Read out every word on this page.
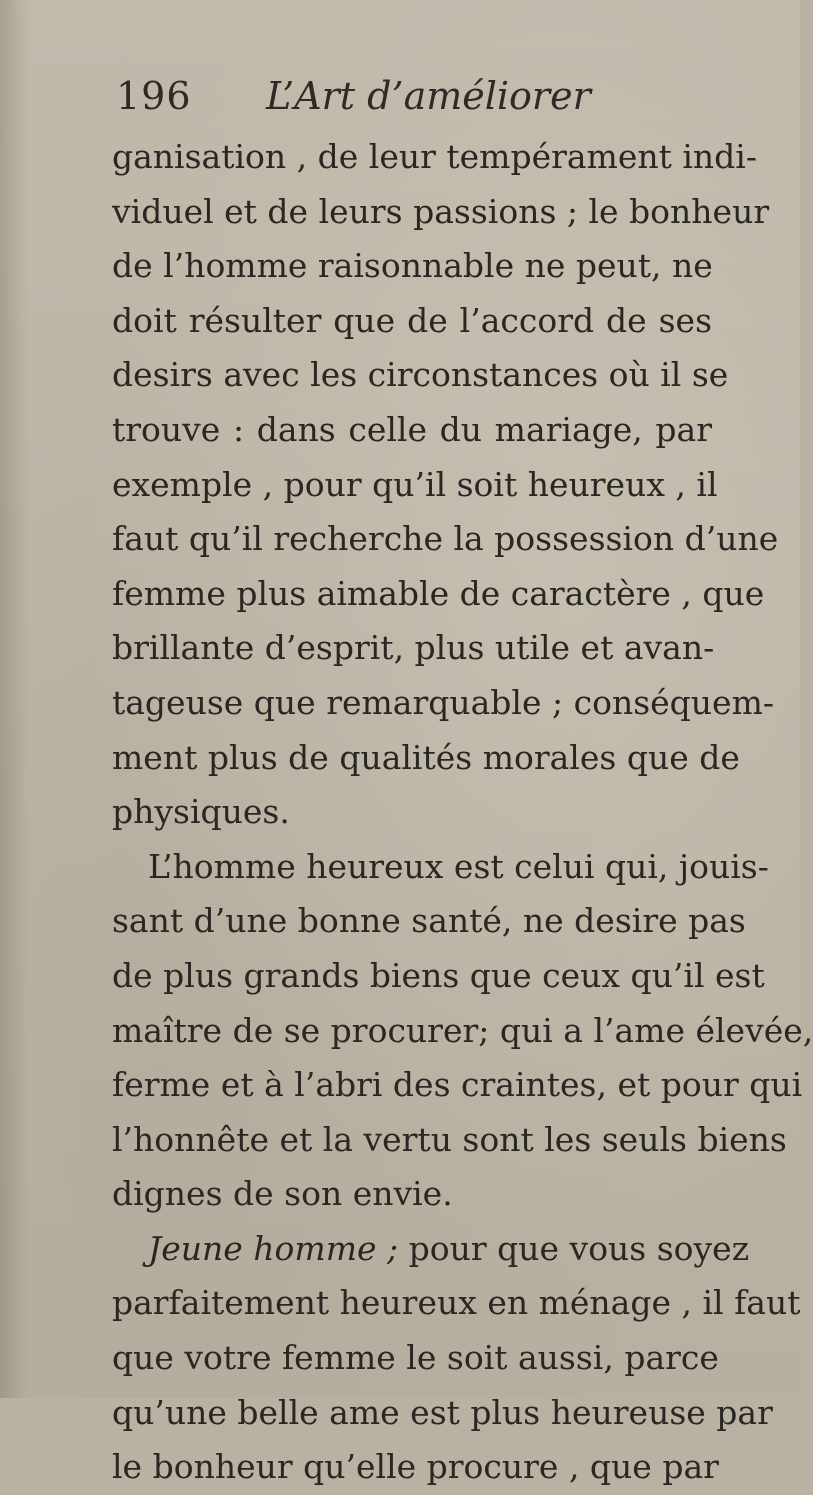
196 L’Art d’améliorer
ganisation , de leur tempérament indi-
viduel et de leurs passions ; le bonheur
de l’homme raisonnable ne peut, ne
doit résulter que de l’accord de ses
desirs avec les circonstances où il se
trouve : dans celle du mariage, par
exemple , pour qu’il soit heureux , il
faut qu’il recherche la possession d’une
femme plus aimable de caractère , que
brillante d’esprit, plus utile et avan-
tageuse que remarquable ; conséquem-
ment plus de qualités morales que de
physiques.
L’homme heureux est celui qui, jouis-
sant d’une bonne santé, ne desire pas
de plus grands biens que ceux qu’il est
maître de se procurer; qui a l’ame élevée,
ferme et à l’abri des craintes, et pour qui
l’honnête et la vertu sont les seuls biens
dignes de son envie.
Jeune homme ; pour que vous soyez
parfaitement heureux en ménage , il faut
que votre femme le soit aussi, parce
qu’une belle ame est plus heureuse par
le bonheur qu’elle procure , que par
